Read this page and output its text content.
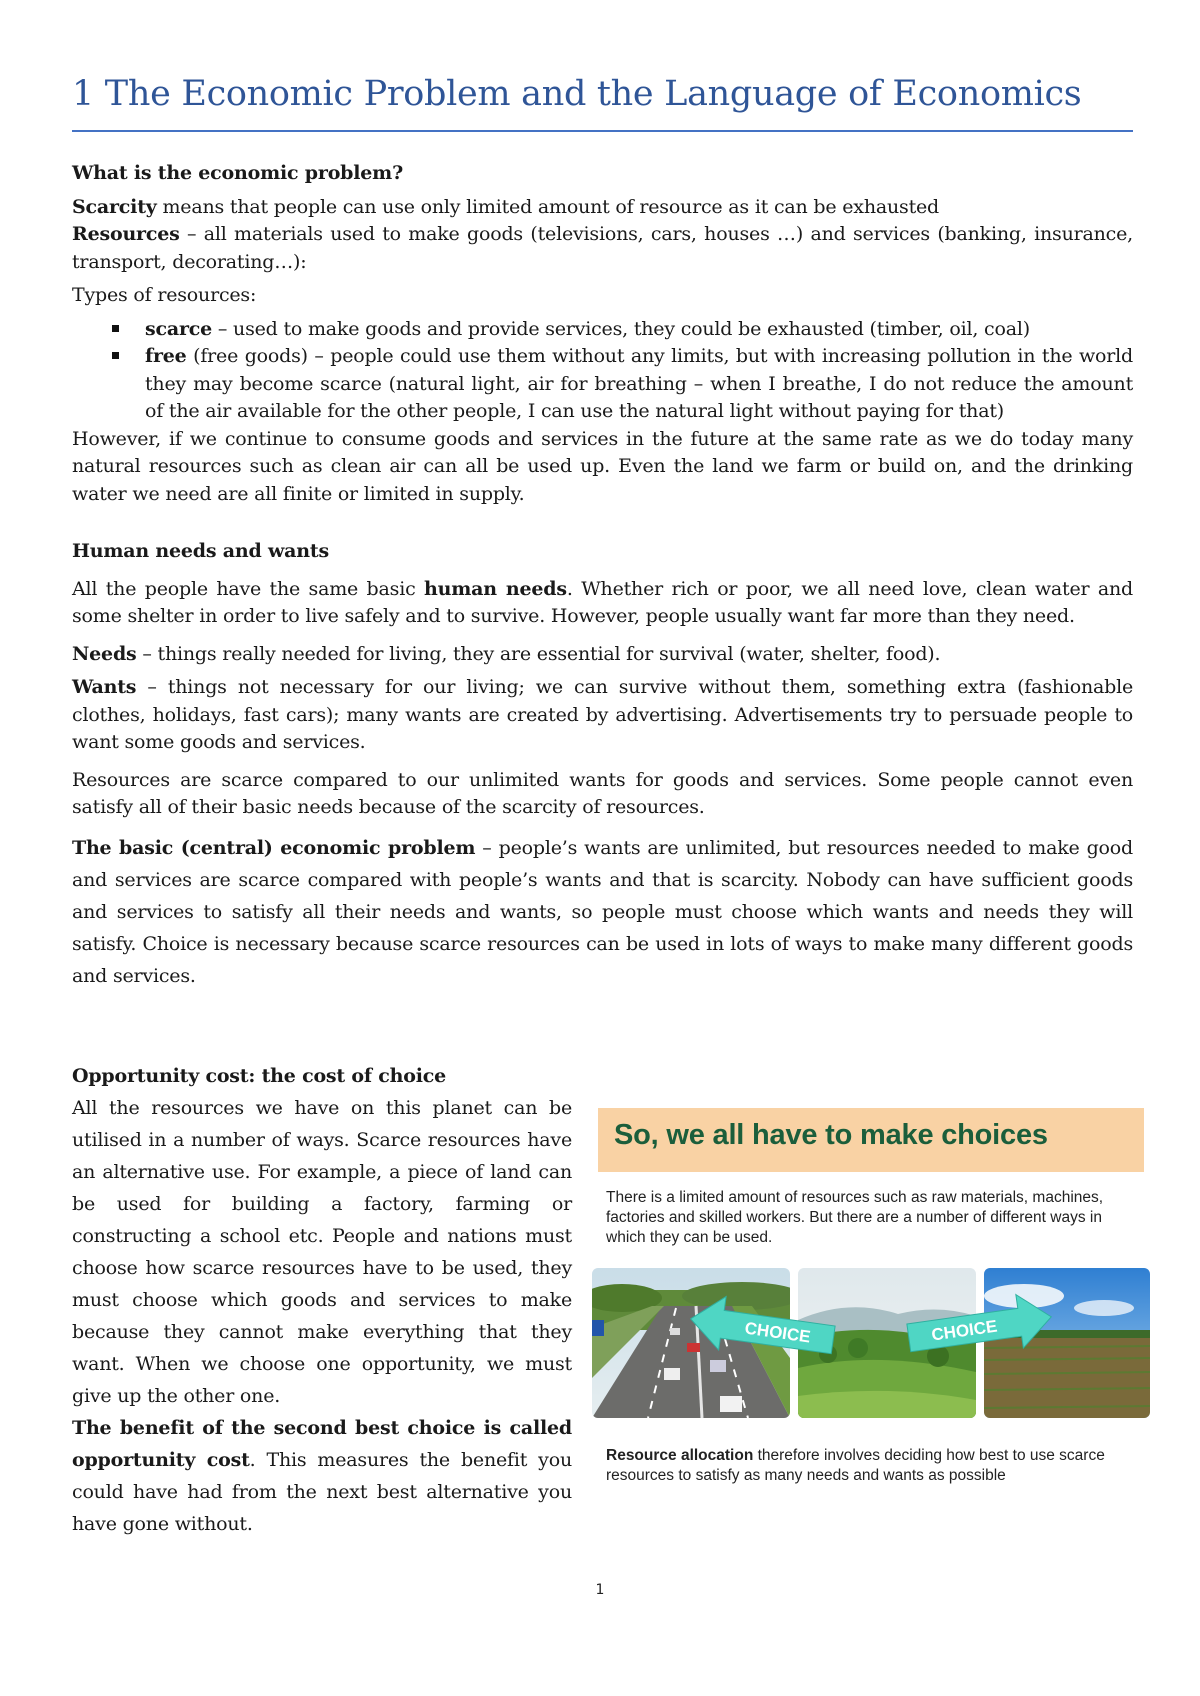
1 The Economic Problem and the Language of Economics

What is the economic problem?

Scarcity means that people can use only limited amount of resource as it can be exhausted

Resources – all materials used to make goods (televisions, cars, houses …) and services (banking, insurance, transport, decorating…):

Types of resources:

scarce – used to make goods and provide services, they could be exhausted (timber, oil, coal)
free (free goods) – people could use them without any limits, but with increasing pollution in the world they may become scarce (natural light, air for breathing – when I breathe, I do not reduce the amount of the air available for the other people, I can use the natural light without paying for that)

However, if we continue to consume goods and services in the future at the same rate as we do today many natural resources such as clean air can all be used up. Even the land we farm or build on, and the drinking water we need are all finite or limited in supply.

Human needs and wants

All the people have the same basic human needs. Whether rich or poor, we all need love, clean water and some shelter in order to live safely and to survive. However, people usually want far more than they need.

Needs – things really needed for living, they are essential for survival (water, shelter, food).

Wants – things not necessary for our living; we can survive without them, something extra (fashionable clothes, holidays, fast cars); many wants are created by advertising. Advertisements try to persuade people to want some goods and services.

Resources are scarce compared to our unlimited wants for goods and services. Some people cannot even satisfy all of their basic needs because of the scarcity of resources.

The basic (central) economic problem – people’s wants are unlimited, but resources needed to make good and services are scarce compared with people’s wants and that is scarcity. Nobody can have sufficient goods and services to satisfy all their needs and wants, so people must choose which wants and needs they will satisfy. Choice is necessary because scarce resources can be used in lots of ways to make many different goods and services.

Opportunity cost: the cost of choice

All the resources we have on this planet can be utilised in a number of ways. Scarce resources have an alternative use. For example, a piece of land can be used for building a factory, farming or constructing a school etc. People and nations must choose how scarce resources have to be used, they must choose which goods and services to make because they cannot make everything that they want. When we choose one opportunity, we must give up the other one.

The benefit of the second best choice is called opportunity cost. This measures the benefit you could have had from the next best alternative you have gone without.

So, we all have to make choices
There is a limited amount of resources such as raw materials, machines, factories and skilled workers. But there are a number of different ways in which they can be used.
CHOICE	CHOICE
Resource allocation therefore involves deciding how best to use scarce resources to satisfy as many needs and wants as possible
1
